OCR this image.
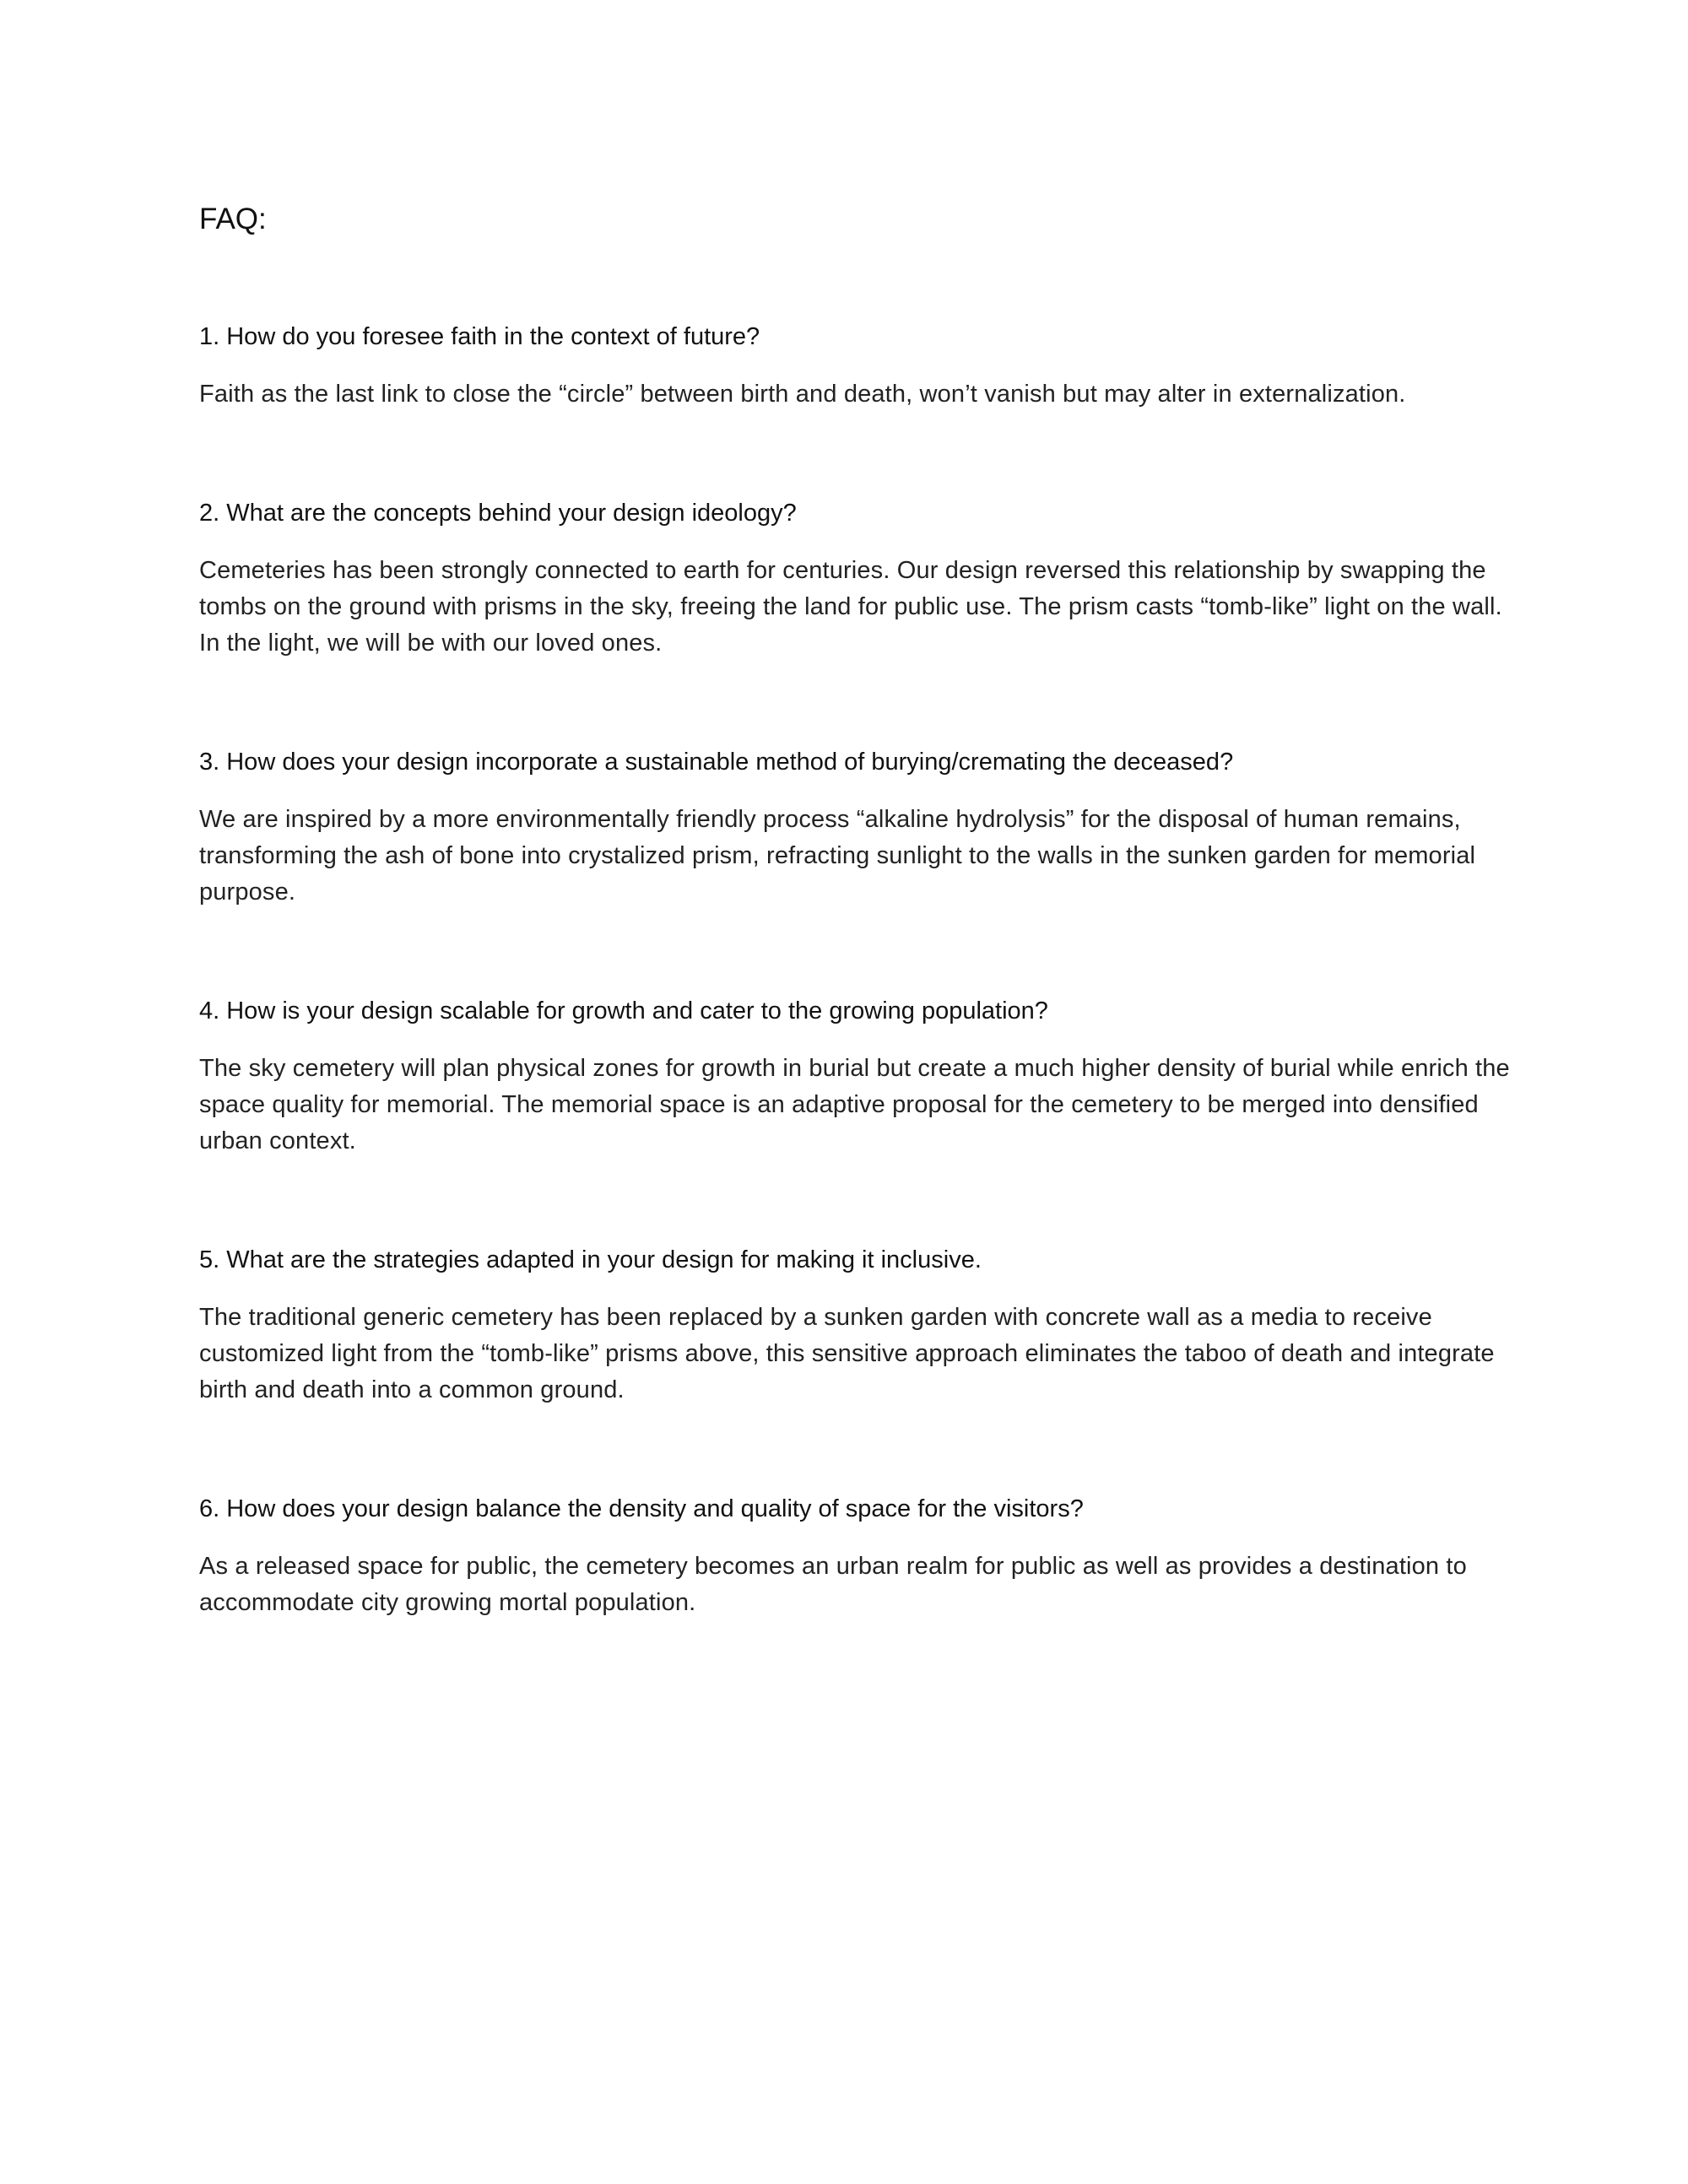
FAQ:

1. How do you foresee faith in the context of future?

Faith as the last link to close the “circle” between birth and death, won’t vanish but may alter in externalization.

2. What are the concepts behind your design ideology?

Cemeteries has been strongly connected to earth for centuries. Our design reversed this relationship by swapping the tombs on the ground with prisms in the sky, freeing the land for public use. The prism casts “tomb-like” light on the wall. In the light, we will be with our loved ones.

3. How does your design incorporate a sustainable method of burying/cremating the deceased?

We are inspired by a more environmentally friendly process “alkaline hydrolysis” for the disposal of human remains, transforming the ash of bone into crystalized prism, refracting sunlight to the walls in the sunken garden for memorial purpose.

4. How is your design scalable for growth and cater to the growing population?

The sky cemetery will plan physical zones for growth in burial but create a much higher density of burial while enrich the space quality for memorial. The memorial space is an adaptive proposal for the cemetery to be merged into densified urban context.

5. What are the strategies adapted in your design for making it inclusive.

The traditional generic cemetery has been replaced by a sunken garden with concrete wall as a media to receive customized light from the “tomb-like” prisms above, this sensitive approach eliminates the taboo of death and integrate birth and death into a common ground.

6. How does your design balance the density and quality of space for the visitors?

As a released space for public, the cemetery becomes an urban realm for public as well as provides a destination to accommodate city growing mortal population.
